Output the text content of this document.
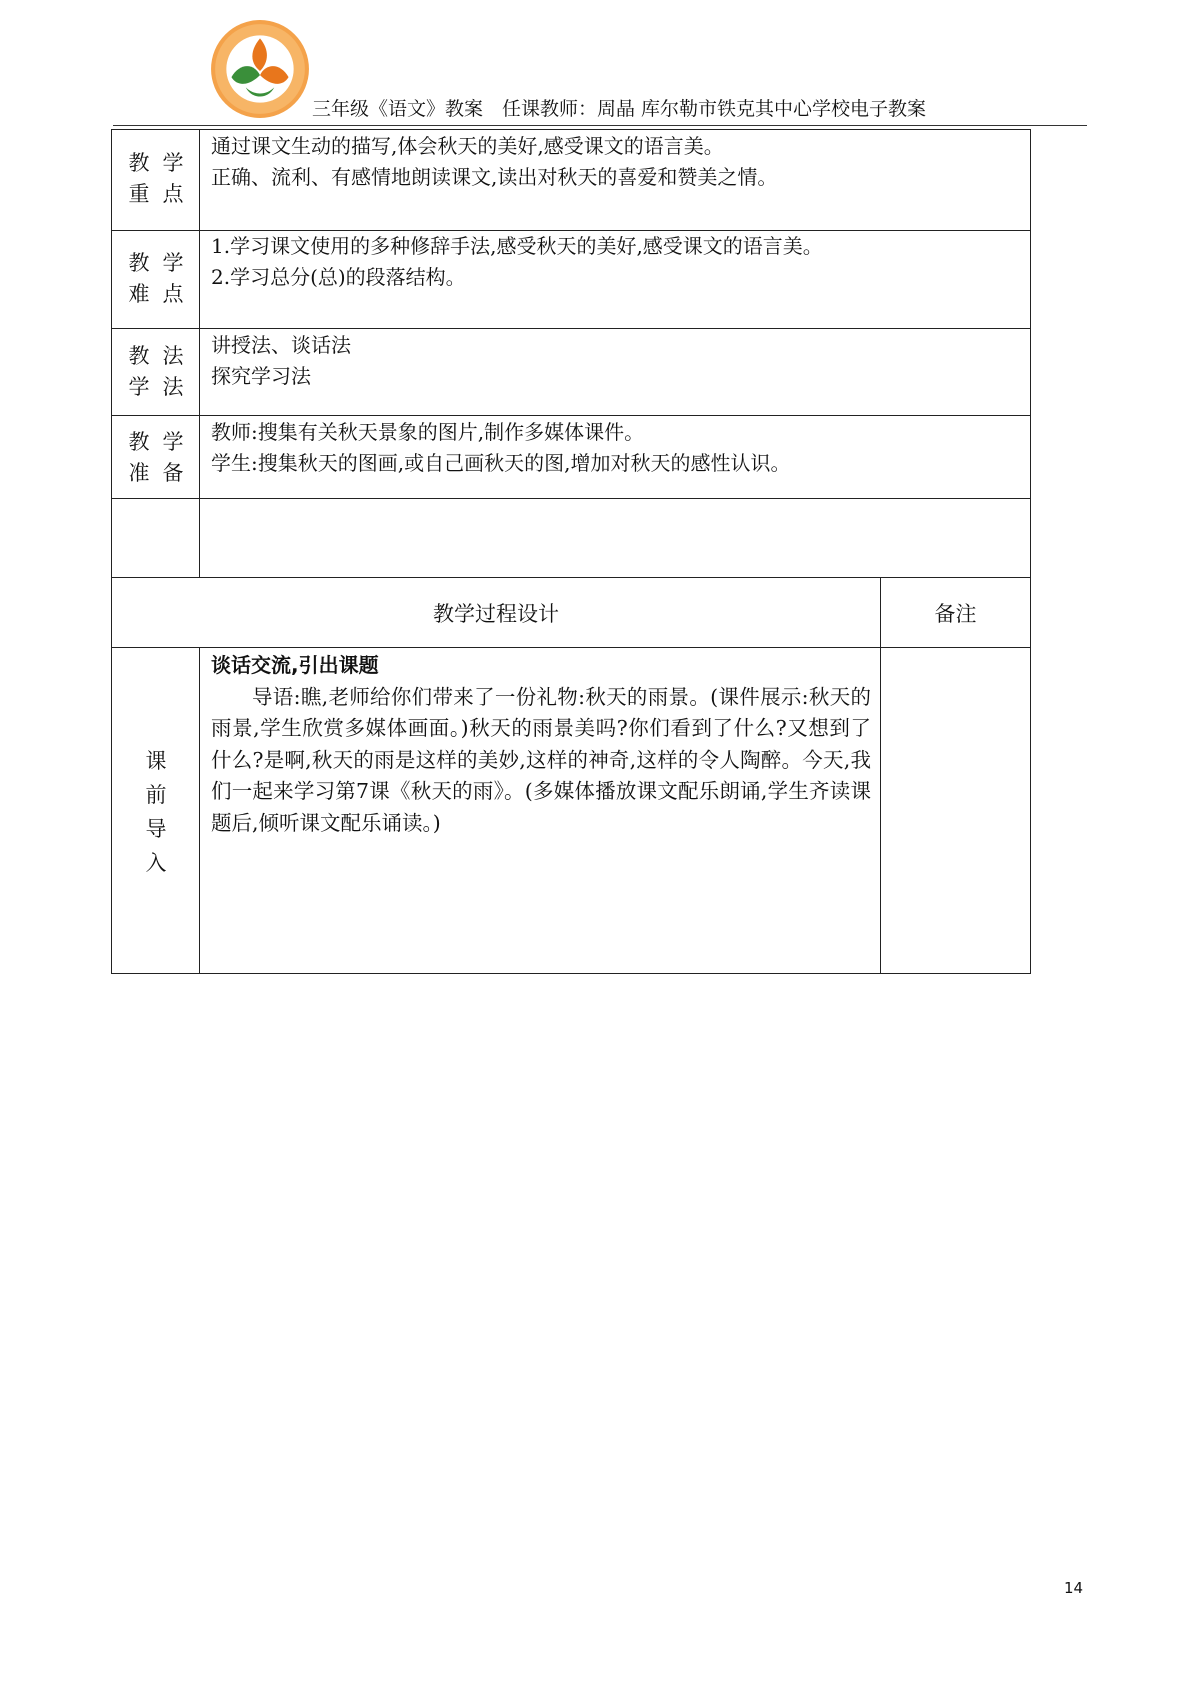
三年级《语文》教案　任课教师：周晶 库尔勒市铁克其中心学校电子教案
教学
重点
通过课文生动的描写,体会秋天的美好,感受课文的语言美。
正确、流利、有感情地朗读课文,读出对秋天的喜爱和赞美之情。
教学
难点
1.学习课文使用的多种修辞手法,感受秋天的美好,感受课文的语言美。
2.学习总分(总)的段落结构。
教法
学法
讲授法、谈话法
探究学习法
教学
准备
教师:搜集有关秋天景象的图片,制作多媒体课件。
学生:搜集秋天的图画,或自己画秋天的图,增加对秋天的感性认识。
教学过程设计	备注
课
前
导
入
谈话交流,引出课题

导语:瞧,老师给你们带来了一份礼物:秋天的雨景。(课件展示:秋天的雨景,学生欣赏多媒体画面。)秋天的雨景美吗?你们看到了什么?又想到了什么?是啊,秋天的雨是这样的美妙,这样的神奇,这样的令人陶醉。今天,我们一起来学习第7课《秋天的雨》。(多媒体播放课文配乐朗诵,学生齐读课题后,倾听课文配乐诵读。)

14
